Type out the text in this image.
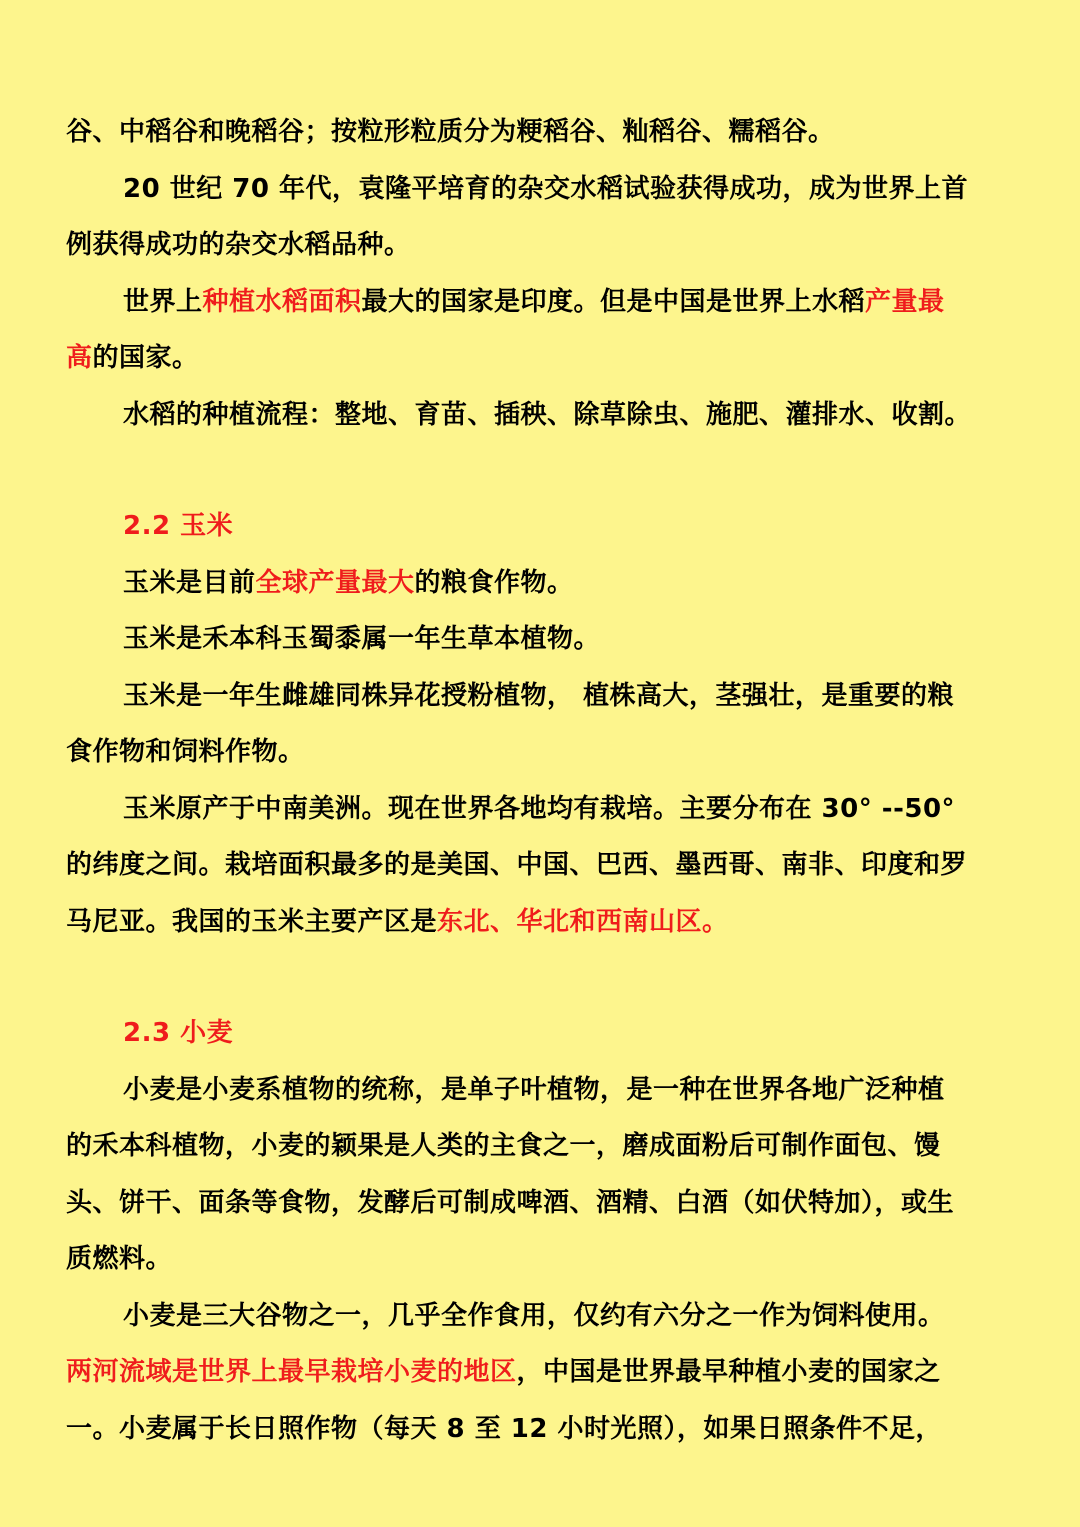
谷、中稻谷和晚稻谷；按粒形粒质分为粳稻谷、籼稻谷、糯稻谷。
20 世纪 70 年代，袁隆平培育的杂交水稻试验获得成功，成为世界上首
例获得成功的杂交水稻品种。
世界上种植水稻面积最大的国家是印度。但是中国是世界上水稻产量最
高的国家。
水稻的种植流程：整地、育苗、插秧、除草除虫、施肥、灌排水、收割。
2.2 玉米
玉米是目前全球产量最大的粮食作物。
玉米是禾本科玉蜀黍属一年生草本植物。
玉米是一年生雌雄同株异花授粉植物， 植株高大，茎强壮，是重要的粮
食作物和饲料作物。
玉米原产于中南美洲。现在世界各地均有栽培。主要分布在 30° --50°
的纬度之间。栽培面积最多的是美国、中国、巴西、墨西哥、南非、印度和罗
马尼亚。我国的玉米主要产区是东北、华北和西南山区。
2.3 小麦
小麦是小麦系植物的统称，是单子叶植物，是一种在世界各地广泛种植
的禾本科植物，小麦的颖果是人类的主食之一，磨成面粉后可制作面包、馒
头、饼干、面条等食物，发酵后可制成啤酒、酒精、白酒（如伏特加），或生
质燃料。
小麦是三大谷物之一，几乎全作食用，仅约有六分之一作为饲料使用。
两河流域是世界上最早栽培小麦的地区，中国是世界最早种植小麦的国家之
一。小麦属于长日照作物（每天 8 至 12 小时光照），如果日照条件不足，
